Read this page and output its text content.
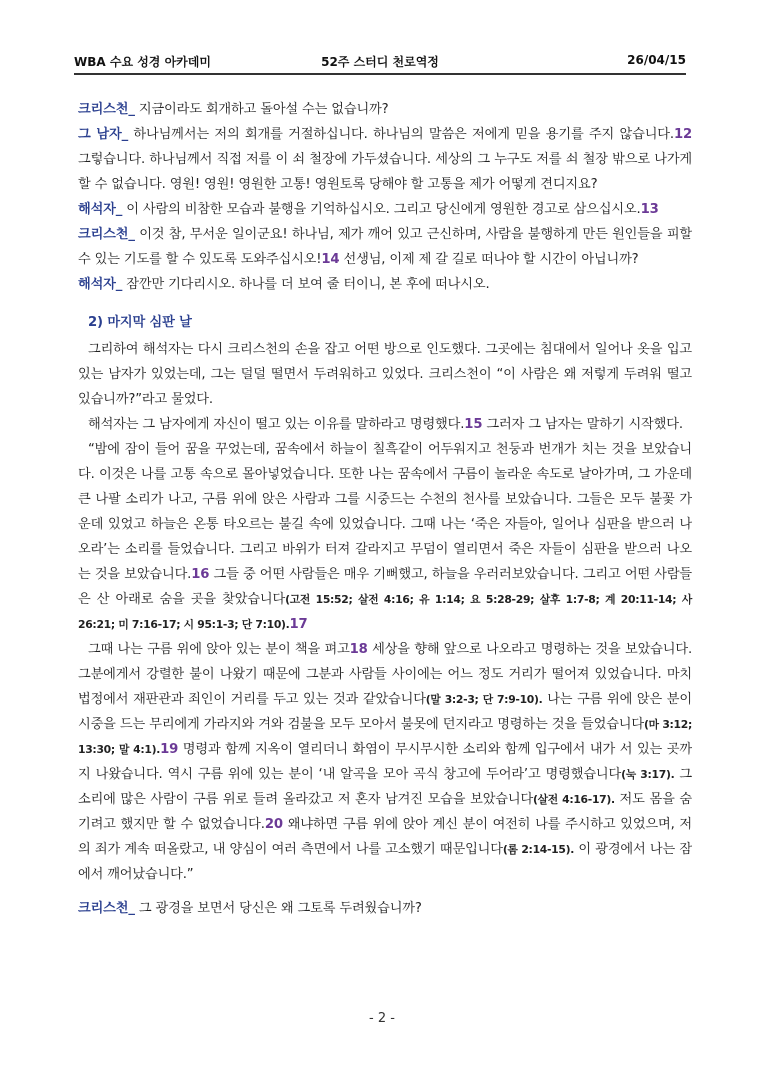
WBA 수요 성경 아카데미	52주 스터디 천로역정	26/04/15

크리스천_ 지금이라도 회개하고 돌아설 수는 없습니까?

그 남자_ 하나님께서는 저의 회개를 거절하십니다. 하나님의 말씀은 저에게 믿을 용기를 주지 않습니다.12 그렇습니다. 하나님께서 직접 저를 이 쇠 철장에 가두셨습니다. 세상의 그 누구도 저를 쇠 철장 밖으로 나가게 할 수 없습니다. 영원! 영원! 영원한 고통! 영원토록 당해야 할 고통을 제가 어떻게 견디지요?

해석자_ 이 사람의 비참한 모습과 불행을 기억하십시오. 그리고 당신에게 영원한 경고로 삼으십시오.13

크리스천_ 이것 참, 무서운 일이군요! 하나님, 제가 깨어 있고 근신하며, 사람을 불행하게 만든 원인들을 피할 수 있는 기도를 할 수 있도록 도와주십시오!14 선생님, 이제 제 갈 길로 떠나야 할 시간이 아닙니까?

해석자_ 잠깐만 기다리시오. 하나를 더 보여 줄 터이니, 본 후에 떠나시오.

2) 마지막 심판 날

그리하여 해석자는 다시 크리스천의 손을 잡고 어떤 방으로 인도했다. 그곳에는 침대에서 일어나 옷을 입고 있는 남자가 있었는데, 그는 덜덜 떨면서 두려워하고 있었다. 크리스천이 “이 사람은 왜 저렇게 두려워 떨고 있습니까?”라고 물었다.

해석자는 그 남자에게 자신이 떨고 있는 이유를 말하라고 명령했다.15 그러자 그 남자는 말하기 시작했다.

“밤에 잠이 들어 꿈을 꾸었는데, 꿈속에서 하늘이 칠흑같이 어두워지고 천둥과 번개가 치는 것을 보았습니다. 이것은 나를 고통 속으로 몰아넣었습니다. 또한 나는 꿈속에서 구름이 놀라운 속도로 날아가며, 그 가운데 큰 나팔 소리가 나고, 구름 위에 앉은 사람과 그를 시중드는 수천의 천사를 보았습니다. 그들은 모두 불꽃 가운데 있었고 하늘은 온통 타오르는 불길 속에 있었습니다. 그때 나는 ‘죽은 자들아, 일어나 심판을 받으러 나오라’는 소리를 들었습니다. 그리고 바위가 터져 갈라지고 무덤이 열리면서 죽은 자들이 심판을 받으러 나오는 것을 보았습니다.16 그들 중 어떤 사람들은 매우 기뻐했고, 하늘을 우러러보았습니다. 그리고 어떤 사람들은 산 아래로 숨을 곳을 찾았습니다(고전 15:52; 살전 4:16; 유 1:14; 요 5:28-29; 살후 1:7-8; 계 20:11-14; 사 26:21; 미 7:16-17; 시 95:1-3; 단 7:10).17

그때 나는 구름 위에 앉아 있는 분이 책을 펴고18 세상을 향해 앞으로 나오라고 명령하는 것을 보았습니다. 그분에게서 강렬한 불이 나왔기 때문에 그분과 사람들 사이에는 어느 정도 거리가 떨어져 있었습니다. 마치 법정에서 재판관과 죄인이 거리를 두고 있는 것과 같았습니다(말 3:2-3; 단 7:9-10). 나는 구름 위에 앉은 분이 시중을 드는 무리에게 가라지와 겨와 검불을 모두 모아서 불못에 던지라고 명령하는 것을 들었습니다(마 3:12; 13:30; 말 4:1).19 명령과 함께 지옥이 열리더니 화염이 무시무시한 소리와 함께 입구에서 내가 서 있는 곳까지 나왔습니다. 역시 구름 위에 있는 분이 ‘내 알곡을 모아 곡식 창고에 두어라’고 명령했습니다(눅 3:17). 그 소리에 많은 사람이 구름 위로 들려 올라갔고 저 혼자 남겨진 모습을 보았습니다(살전 4:16-17). 저도 몸을 숨기려고 했지만 할 수 없었습니다.20 왜냐하면 구름 위에 앉아 계신 분이 여전히 나를 주시하고 있었으며, 저의 죄가 계속 떠올랐고, 내 양심이 여러 측면에서 나를 고소했기 때문입니다(롬 2:14-15). 이 광경에서 나는 잠에서 깨어났습니다.”

크리스천_ 그 광경을 보면서 당신은 왜 그토록 두려웠습니까?

- 2 -
